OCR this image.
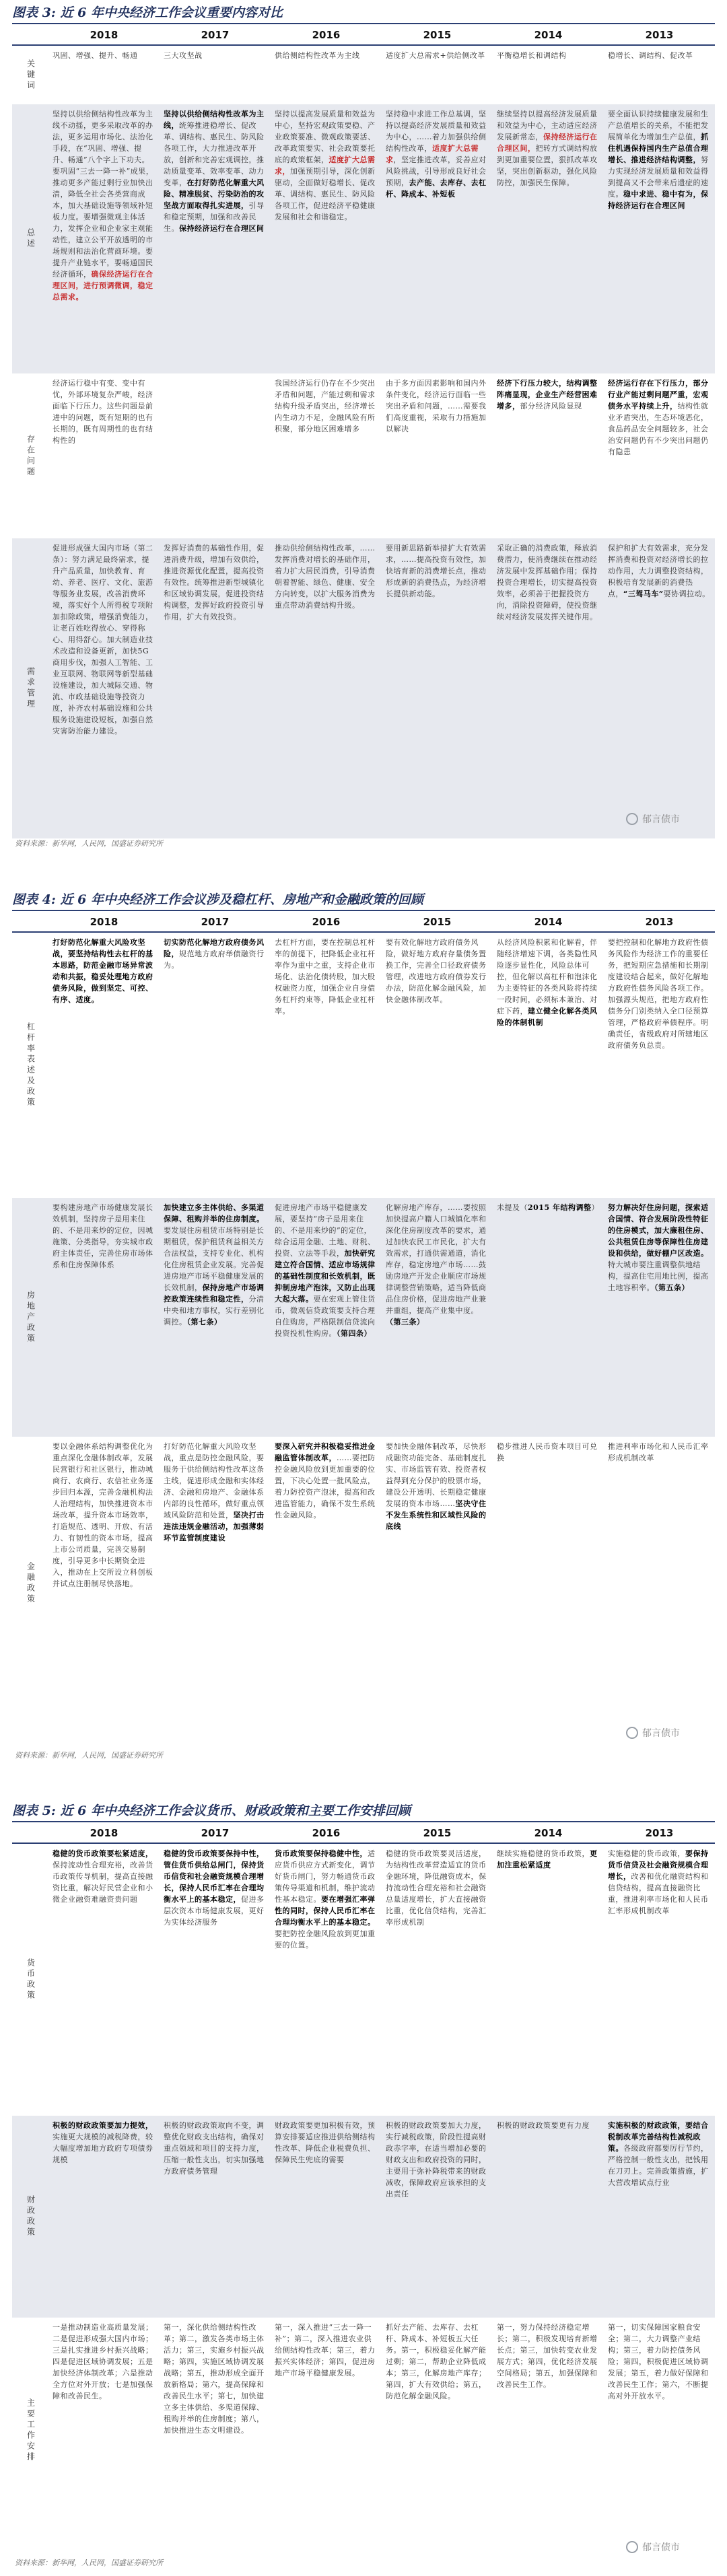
图表 3: 近 6 年中央经济工作会议重要内容对比
	2018	2017	2016	2015	2014	2013
关键词	巩固、增强、提升、畅通	三大攻坚战	供给侧结构性改革为主线	适度扩大总需求+供给侧改革	平衡稳增长和调结构	稳增长、调结构、促改革
总述	坚持以供给侧结构性改革为主线不动摇，更多采取改革的办法，更多运用市场化、法治化手段，在“巩固、增强、提升、畅通”八个字上下功夫。要巩固“三去一降一补”成果，推动更多产能过剩行业加快出清，降低全社会各类营商成本，加大基础设施等领域补短板力度。要增强微观主体活力，发挥企业和企业家主观能动性，建立公平开放透明的市场规则和法治化营商环境。要提升产业链水平，要畅通国民经济循环，确保经济运行在合理区间，进行预调微调，稳定总需求。	坚持以供给侧结构性改革为主线，统筹推进稳增长、促改革、调结构、惠民生、防风险各项工作，大力推进改革开放，创新和完善宏观调控，推动质量变革、效率变革、动力变革，在打好防范化解重大风险、精准脱贫、污染防治的攻坚战方面取得扎实进展，引导和稳定预期，加强和改善民生。保持经济运行在合理区间	坚持以提高发展质量和效益为中心，坚持宏观政策要稳、产业政策要准、微观政策要活、改革政策要实、社会政策要托底的政策框架，适度扩大总需求，加强预期引导，深化创新驱动，全面做好稳增长、促改革、调结构、惠民生、防风险各项工作，促进经济平稳健康发展和社会和谐稳定。	坚持稳中求进工作总基调，坚持以提高经济发展质量和效益为中心，……着力加强供给侧结构性改革，适度扩大总需求，坚定推进改革，妥善应对风险挑战，引导形成良好社会预期，去产能、去库存、去杠杆、降成本、补短板	继续坚持以提高经济发展质量和效益为中心，主动适应经济发展新常态，保持经济运行在合理区间，把转方式调结构放到更加重要位置，狠抓改革攻坚，突出创新驱动，强化风险防控，加强民生保障。	要全面认识持续健康发展和生产总值增长的关系，不能把发展简单化为增加生产总值，抓住机遇保持国内生产总值合理增长、推进经济结构调整，努力实现经济发展质量和效益得到提高又不会带来后遗症的速度。稳中求进、稳中有为，保持经济运行在合理区间
存在问题	经济运行稳中有变、变中有忧，外部环境复杂严峻，经济面临下行压力。这些问题是前进中的问题，既有短期的也有长期的，既有周期性的也有结构性的		我国经济运行仍存在不少突出矛盾和问题，产能过剩和需求结构升级矛盾突出，经济增长内生动力不足，金融风险有所积聚，部分地区困难增多	由于多方面因素影响和国内外条件变化，经济运行面临一些突出矛盾和问题，……需要我们高度重视，采取有力措施加以解决	经济下行压力较大，结构调整阵痛显现，企业生产经营困难增多，部分经济风险显现	经济运行存在下行压力，部分行业产能过剩问题严重，宏观债务水平持续上升，结构性就业矛盾突出，生态环境恶化，食品药品安全问题较多，社会治安问题仍有不少突出问题仍有隐患
需求管理	促进形成强大国内市场（第二条）：努力满足最终需求，提升产品质量，加快教育、育幼、养老、医疗、文化、旅游等服务业发展，改善消费环境，落实好个人所得税专项附加扣除政策，增强消费能力，让老百姓吃得放心、穿得称心、用得舒心。加大制造业技术改造和设备更新，加快5G商用步伐，加强人工智能、工业互联网、物联网等新型基础设施建设，加大城际交通、物流、市政基础设施等投资力度，补齐农村基础设施和公共服务设施建设短板，加强自然灾害防治能力建设。	发挥好消费的基础性作用，促进消费升级，增加有效供给，推进资源优化配置，提高投资有效性。统筹推进新型城镇化和区域协调发展，促进投资结构调整，发挥好政府投资引导作用，扩大有效投资。	推动供给侧结构性改革，……发挥消费对增长的基础作用，着力扩大居民消费，引导消费朝着智能、绿色、健康、安全方向转变，以扩大服务消费为重点带动消费结构升级。	要用新思路新举措扩大有效需求，……提高投资有效性，加快培育新的消费增长点，推动形成新的消费热点，为经济增长提供新动能。	采取正确的消费政策，释放消费潜力，使消费继续在推动经济发展中发挥基础作用；保持投资合理增长，切实提高投资效率，必须善于把握投资方向，消除投资障碍，使投资继续对经济发展发挥关键作用。	保护和扩大有效需求，充分发挥消费和投资对经济增长的拉动作用，大力调整投资结构，积极培育发展新的消费热点，“三驾马车”要协调拉动。
资料来源：新华网，人民网，国盛证券研究所
郁言债市
图表 4: 近 6 年中央经济工作会议涉及稳杠杆、房地产和金融政策的回顾
	2018	2017	2016	2015	2014	2013
杠杆率表述及政策	打好防范化解重大风险攻坚战，要坚持结构性去杠杆的基本思路，防范金融市场异常波动和共振，稳妥处理地方政府债务风险，做到坚定、可控、有序、适度。	切实防范化解地方政府债务风险，规范地方政府举债融资行为。	去杠杆方面，要在控制总杠杆率的前提下，把降低企业杠杆率作为重中之重，支持企业市场化、法治化债转股，加大股权融资力度，加强企业自身债务杠杆约束等，降低企业杠杆率。	要有效化解地方政府债务风险，做好地方政府存量债务置换工作，完善全口径政府债务管理，改进地方政府债券发行办法，防范化解金融风险，加快金融体制改革。	从经济风险积累和化解看，伴随经济增速下调，各类隐性风险逐步显性化，风险总体可控，但化解以高杠杆和泡沫化为主要特征的各类风险将持续一段时间，必须标本兼治、对症下药，建立健全化解各类风险的体制机制	要把控制和化解地方政府性债务风险作为经济工作的重要任务，把短期应急措施和长期制度建设结合起来，做好化解地方政府性债务风险各项工作。加强源头规范，把地方政府性债务分门别类纳入全口径预算管理，严格政府举债程序。明确责任，省级政府对所辖地区政府债务负总责。
房地产政策	要构建房地产市场健康发展长效机制，坚持房子是用来住的、不是用来炒的定位，因城施策、分类指导，夯实城市政府主体责任，完善住房市场体系和住房保障体系	加快建立多主体供给、多渠道保障、租购并举的住房制度。要发展住房租赁市场特别是长期租赁，保护租赁利益相关方合法权益，支持专业化、机构化住房租赁企业发展。完善促进房地产市场平稳健康发展的长效机制，保持房地产市场调控政策连续性和稳定性，分清中央和地方事权，实行差别化调控。（第七条）	促进房地产市场平稳健康发展，要坚持“房子是用来住的、不是用来炒的”的定位，综合运用金融、土地、财税、投资、立法等手段，加快研究建立符合国情、适应市场规律的基础性制度和长效机制，既抑制房地产泡沫，又防止出现大起大落。要在宏观上管住货币，微观信贷政策要支持合理自住购房，严格限制信贷流向投资投机性购房。（第四条）	化解房地产库存，……要按照加快提高户籍人口城镇化率和深化住房制度改革的要求，通过加快农民工市民化，扩大有效需求，打通供需通道，消化库存，稳定房地产市场……鼓励房地产开发企业顺应市场规律调整营销策略，适当降低商品住房价格，促进房地产业兼并重组，提高产业集中度。（第三条）	未提及（2015 年结构调整）	努力解决好住房问题，探索适合国情、符合发展阶段性特征的住房模式，加大廉租住房、公共租赁住房等保障性住房建设和供给，做好棚户区改造。特大城市要注重调整供地结构，提高住宅用地比例，提高土地容积率。（第五条）
金融政策	要以金融体系结构调整优化为重点深化金融体制改革，发展民营银行和社区银行，推动城商行、农商行、农信社业务逐步回归本源，完善金融机构法人治理结构，加快推进资本市场改革，提升资本市场效率，打造规范、透明、开放、有活力、有韧性的资本市场，提高上市公司质量，完善交易制度，引导更多中长期资金进入，推动在上交所设立科创板并试点注册制尽快落地。	打好防范化解重大风险攻坚战，重点是防控金融风险，要服务于供给侧结构性改革这条主线，促进形成金融和实体经济、金融和房地产、金融体系内部的良性循环，做好重点领域风险防范和处置，坚决打击违法违规金融活动，加强薄弱环节监管制度建设	要深入研究并积极稳妥推进金融监管体制改革，……要把防控金融风险放到更加重要的位置，下决心处置一批风险点，着力防控资产泡沫，提高和改进监管能力，确保不发生系统性金融风险。	要加快金融体制改革，尽快形成融资功能完备、基础制度扎实、市场监管有效、投资者权益得到充分保护的股票市场，建设公开透明、长期稳定健康发展的资本市场……坚决守住不发生系统性和区域性风险的底线	稳步推进人民币资本项目可兑换	推进利率市场化和人民币汇率形成机制改革
资料来源：新华网，人民网，国盛证券研究所
郁言债市
图表 5: 近 6 年中央经济工作会议货币、财政政策和主要工作安排回顾
	2018	2017	2016	2015	2014	2013
货币政策	稳健的货币政策要松紧适度，保持流动性合理充裕，改善货币政策传导机制，提高直接融资比重，解决好民营企业和小微企业融资难融资贵问题	稳健的货币政策要保持中性，管住货币供给总闸门，保持货币信贷和社会融资规模合理增长，保持人民币汇率在合理均衡水平上的基本稳定，促进多层次资本市场健康发展，更好为实体经济服务	货币政策要保持稳健中性，适应货币供应方式新变化，调节好货币闸门，努力畅通货币政策传导渠道和机制，维护流动性基本稳定。要在增强汇率弹性的同时，保持人民币汇率在合理均衡水平上的基本稳定。要把防控金融风险放到更加重要的位置。	稳健的货币政策要灵活适度，为结构性改革营造适宜的货币金融环境，降低融资成本，保持流动性合理充裕和社会融资总量适度增长，扩大直接融资比重，优化信贷结构，完善汇率形成机制	继续实施稳健的货币政策，更加注重松紧适度	实施稳健的货币政策，要保持货币信贷及社会融资规模合理增长，改善和优化融资结构和信贷结构，提高直接融资比重，推进利率市场化和人民币汇率形成机制改革
财政政策	积极的财政政策要加力提效，实施更大规模的减税降费，较大幅度增加地方政府专项债券规模	积极的财政政策取向不变，调整优化财政支出结构，确保对重点领域和项目的支持力度，压缩一般性支出，切实加强地方政府债务管理	财政政策要更加积极有效，预算安排要适应推进供给侧结构性改革、降低企业税费负担、保障民生兜底的需要	积极的财政政策要加大力度，实行减税政策，阶段性提高财政赤字率，在适当增加必要的财政支出和政府投资的同时，主要用于弥补降税带来的财政减收，保障政府应该承担的支出责任	积极的财政政策要更有力度	实施积极的财政政策，要结合税制改革完善结构性减税政策。各级政府都要厉行节约，严格控制一般性支出，把钱用在刀刃上。完善政策措施，扩大营改增试点行业
主要工作安排	一是推动制造业高质量发展；二是促进形成强大国内市场；三是扎实推进乡村振兴战略；四是促进区域协调发展；五是加快经济体制改革；六是推动全方位对外开放；七是加强保障和改善民生。	第一，深化供给侧结构性改革；第二，激发各类市场主体活力；第三，实施乡村振兴战略；第四，实施区域协调发展战略；第五，推动形成全面开放新格局；第六，提高保障和改善民生水平；第七，加快建立多主体供给、多渠道保障、租购并举的住房制度；第八，加快推进生态文明建设。	第一，深入推进“三去一降一补”；第二，深入推进农业供给侧结构性改革；第三，着力振兴实体经济；第四，促进房地产市场平稳健康发展。	抓好去产能、去库存、去杠杆、降成本、补短板五大任务。第一，积极稳妥化解产能过剩；第二，帮助企业降低成本；第三，化解房地产库存；第四，扩大有效供给；第五，防范化解金融风险。	第一，努力保持经济稳定增长；第二，积极发现培育新增长点；第三，加快转变农业发展方式；第四，优化经济发展空间格局；第五，加强保障和改善民生工作。	第一，切实保障国家粮食安全；第二，大力调整产业结构；第三，着力防控债务风险；第四，积极促进区域协调发展；第五，着力做好保障和改善民生工作；第六，不断提高对外开放水平。
资料来源：新华网，人民网，国盛证券研究所
郁言债市
